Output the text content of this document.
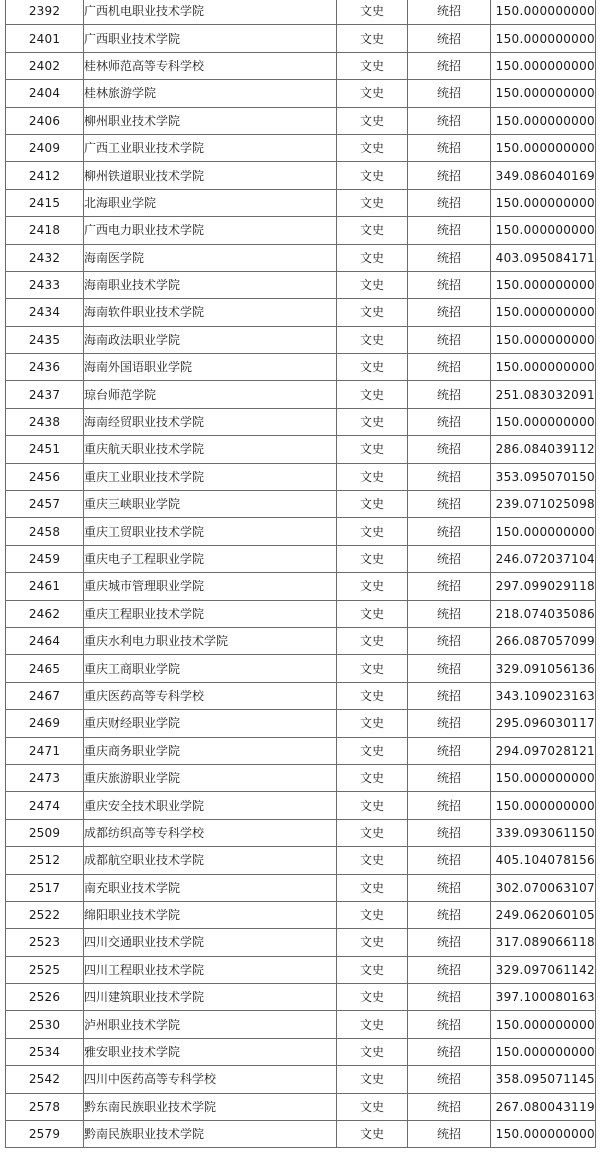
2392	广西机电职业技术学院	文史	统招	150.000000000
2401	广西职业技术学院	文史	统招	150.000000000
2402	桂林师范高等专科学校	文史	统招	150.000000000
2404	桂林旅游学院	文史	统招	150.000000000
2406	柳州职业技术学院	文史	统招	150.000000000
2409	广西工业职业技术学院	文史	统招	150.000000000
2412	柳州铁道职业技术学院	文史	统招	349.086040169
2415	北海职业学院	文史	统招	150.000000000
2418	广西电力职业技术学院	文史	统招	150.000000000
2432	海南医学院	文史	统招	403.095084171
2433	海南职业技术学院	文史	统招	150.000000000
2434	海南软件职业技术学院	文史	统招	150.000000000
2435	海南政法职业学院	文史	统招	150.000000000
2436	海南外国语职业学院	文史	统招	150.000000000
2437	琼台师范学院	文史	统招	251.083032091
2438	海南经贸职业技术学院	文史	统招	150.000000000
2451	重庆航天职业技术学院	文史	统招	286.084039112
2456	重庆工业职业技术学院	文史	统招	353.095070150
2457	重庆三峡职业学院	文史	统招	239.071025098
2458	重庆工贸职业技术学院	文史	统招	150.000000000
2459	重庆电子工程职业学院	文史	统招	246.072037104
2461	重庆城市管理职业学院	文史	统招	297.099029118
2462	重庆工程职业技术学院	文史	统招	218.074035086
2464	重庆水利电力职业技术学院	文史	统招	266.087057099
2465	重庆工商职业学院	文史	统招	329.091056136
2467	重庆医药高等专科学校	文史	统招	343.109023163
2469	重庆财经职业学院	文史	统招	295.096030117
2471	重庆商务职业学院	文史	统招	294.097028121
2473	重庆旅游职业学院	文史	统招	150.000000000
2474	重庆安全技术职业学院	文史	统招	150.000000000
2509	成都纺织高等专科学校	文史	统招	339.093061150
2512	成都航空职业技术学院	文史	统招	405.104078156
2517	南充职业技术学院	文史	统招	302.070063107
2522	绵阳职业技术学院	文史	统招	249.062060105
2523	四川交通职业技术学院	文史	统招	317.089066118
2525	四川工程职业技术学院	文史	统招	329.097061142
2526	四川建筑职业技术学院	文史	统招	397.100080163
2530	泸州职业技术学院	文史	统招	150.000000000
2534	雅安职业技术学院	文史	统招	150.000000000
2542	四川中医药高等专科学校	文史	统招	358.095071145
2578	黔东南民族职业技术学院	文史	统招	267.080043119
2579	黔南民族职业技术学院	文史	统招	150.000000000
